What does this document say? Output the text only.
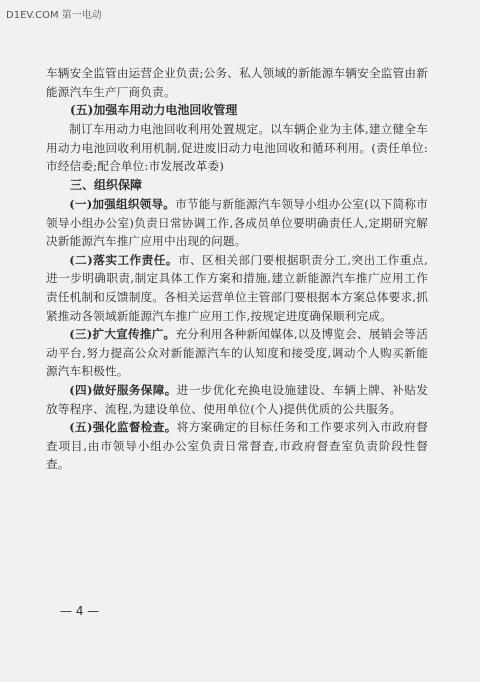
D1EV.COM 第一电动

车辆安全监管由运营企业负责;公务、私人领域的新能源车辆安全监管由新能源汽车生产厂商负责。

(五)加强车用动力电池回收管理

制订车用动力电池回收利用处置规定。以车辆企业为主体,建立健全车用动力电池回收利用机制,促进废旧动力电池回收和循环利用。(责任单位:市经信委;配合单位:市发展改革委)

三、组织保障

(一)加强组织领导。市节能与新能源汽车领导小组办公室(以下简称市领导小组办公室)负责日常协调工作,各成员单位要明确责任人,定期研究解决新能源汽车推广应用中出现的问题。

(二)落实工作责任。市、区相关部门要根据职责分工,突出工作重点,进一步明确职责,制定具体工作方案和措施,建立新能源汽车推广应用工作责任机制和反馈制度。各相关运营单位主管部门要根据本方案总体要求,抓紧推动各领域新能源汽车推广应用工作,按规定进度确保顺利完成。

(三)扩大宣传推广。充分利用各种新闻媒体,以及博览会、展销会等活动平台,努力提高公众对新能源汽车的认知度和接受度,调动个人购买新能源汽车积极性。

(四)做好服务保障。进一步优化充换电设施建设、车辆上牌、补贴发放等程序、流程,为建设单位、使用单位(个人)提供优质的公共服务。

(五)强化监督检查。将方案确定的目标任务和工作要求列入市政府督查项目,由市领导小组办公室负责日常督查,市政府督查室负责阶段性督查。

— 4 —
